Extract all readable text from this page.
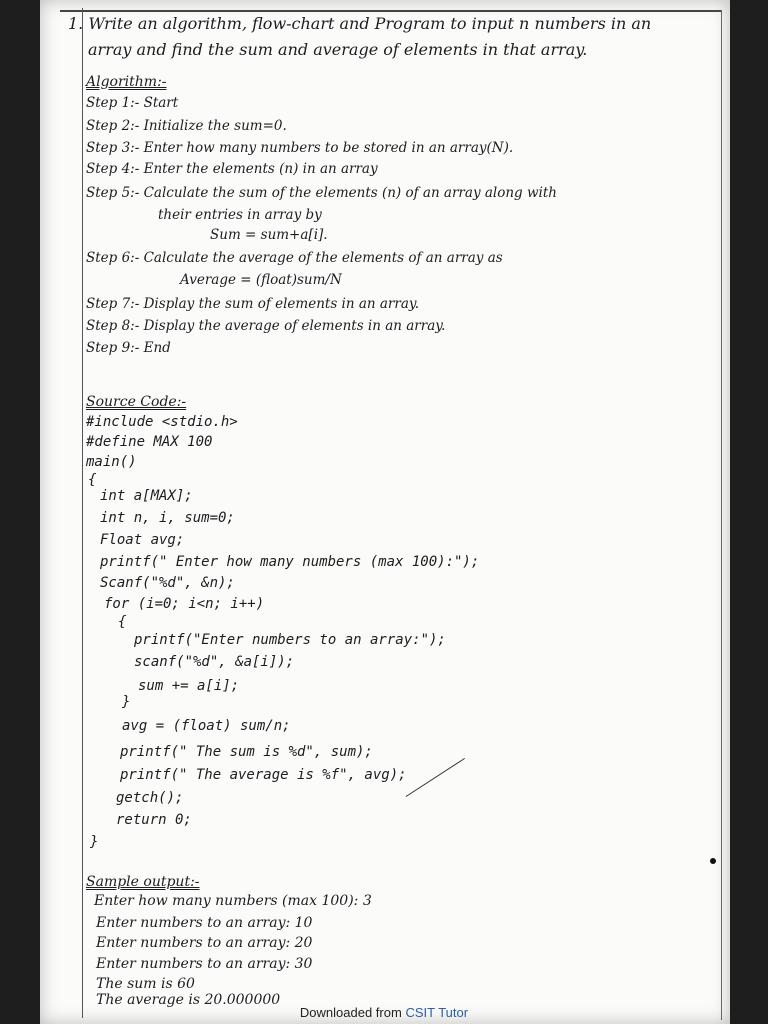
1. Write an algorithm, flow-chart and Program to input n numbers in an
array and find the sum and average of elements in that array.
Algorithm:-
Step 1:- Start
Step 2:- Initialize the sum=0.
Step 3:- Enter how many numbers to be stored in an array(N).
Step 4:- Enter the elements (n) in an array
Step 5:- Calculate the sum of the elements (n) of an array along with
their entries in array by
Sum = sum+a[i].
Step 6:- Calculate the average of the elements of an array as
Average = (float)sum/N
Step 7:- Display the sum of elements in an array.
Step 8:- Display the average of elements in an array.
Step 9:- End
Source Code:-
#include <stdio.h>
#define MAX 100
main()
{
int a[MAX];
int n, i, sum=0;
Float avg;
printf(" Enter how many numbers (max 100):");
Scanf("%d", &n);
for (i=0; i<n; i++)
{
printf("Enter numbers to an array:");
scanf("%d", &a[i]);
sum += a[i];
}
avg = (float) sum/n;
printf(" The sum is %d", sum);
printf(" The average is %f", avg);
getch();
return 0;
}
Sample output:-
Enter how many numbers (max 100): 3
Enter numbers to an array: 10
Enter numbers to an array: 20
Enter numbers to an array: 30
The sum is 60
The average is 20.000000
Downloaded from CSIT Tutor
